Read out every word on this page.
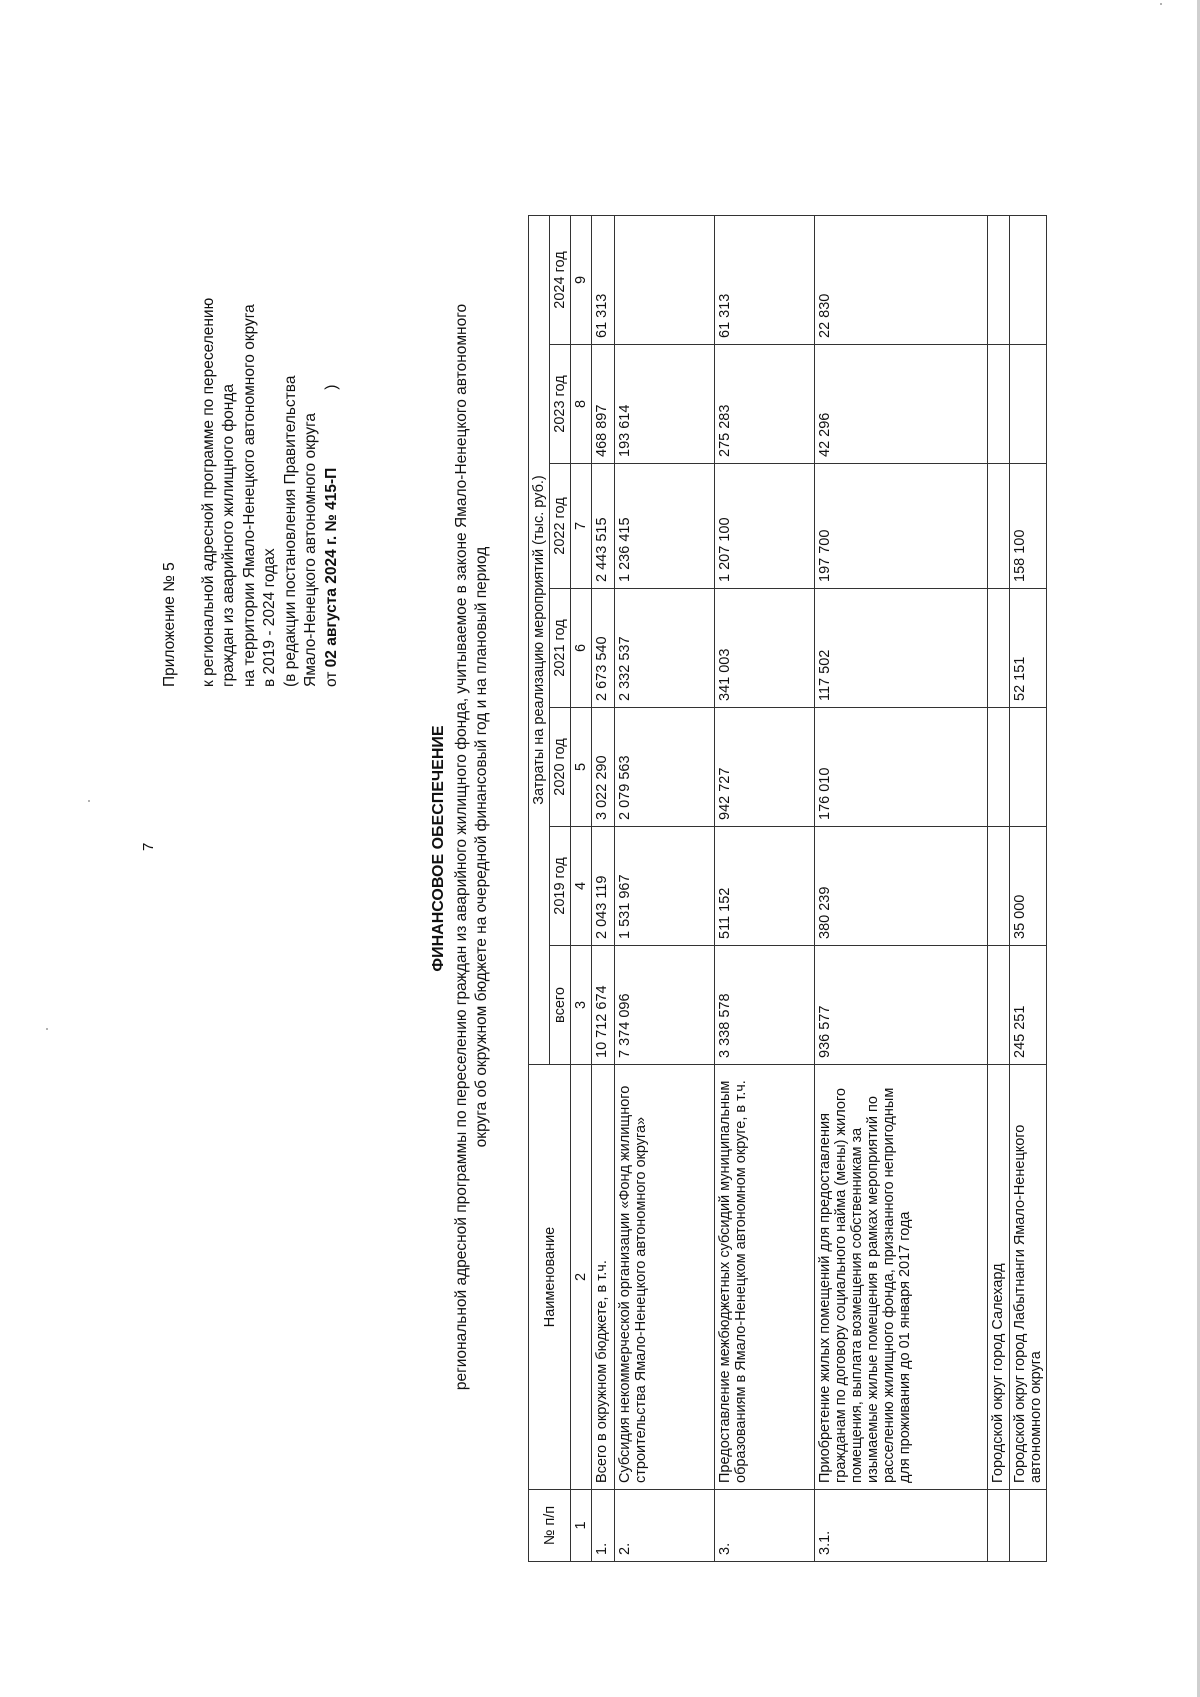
7
Приложение № 5 к региональной адресной программе по переселению граждан из аварийного жилищного фонда на территории Ямало-Ненецкого автономного округа в 2019 - 2024 годах (в редакции постановления Правительства Ямало-Ненецкого автономного округа от 02 августа 2024 г. № 415-П)
ФИНАНСОВОЕ ОБЕСПЕЧЕНИЕ региональной адресной программы по переселению граждан из аварийного жилищного фонда, учитываемое в законе Ямало-Ненецкого автономного округа об окружном бюджете на очередной финансовый год и на плановый период
№ п/п	Наименование	Затраты на реализацию мероприятий (тыс. руб.)						
		всего	2019 год	2020 год	2021 год	2022 год	2023 год	2024 год
1	2	3	4	5	6	7	8	9
1.	Всего в окружном бюджете, в т.ч.	10 712 674	2 043 119	3 022 290	2 673 540	2 443 515	468 897	61 313
2.	Субсидия некоммерческой организации «Фонд жилищного строительства Ямало-Ненецкого автономного округа»	7 374 096	1 531 967	2 079 563	2 332 537	1 236 415	193 614	
3.	Предоставление межбюджетных субсидий муниципальным образованиям в Ямало-Ненецком автономном округе, в т.ч.	3 338 578	511 152	942 727	341 003	1 207 100	275 283	61 313
3.1.	Приобретение жилых помещений для предоставления гражданам по договору социального найма (мены) жилого помещения, выплата возмещения собственникам за изымаемые жилые помещения в рамках мероприятий по расселению жилищного фонда, признанного непригодным для проживания до 01 января 2017 года	936 577	380 239	176 010	117 502	197 700	42 296	22 830
	Городской округ город Салехард							
	Городской округ город Лабытнанги Ямало-Ненецкого автономного округа	245 251	35 000		52 151	158 100		
